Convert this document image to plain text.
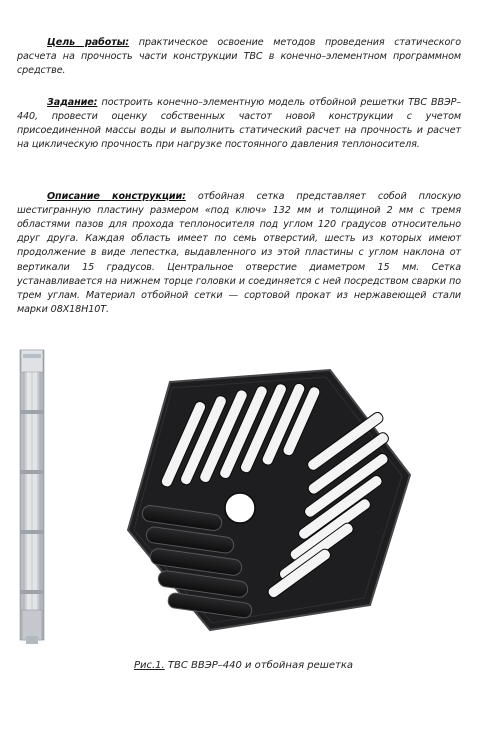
Цель работы: практическое освоение методов проведения статического расчета на прочность части конструкции ТВС в конечно–элементном программном средстве.

Задание: построить конечно–элементную модель отбойной решетки ТВС ВВЭР–440, провести оценку собственных частот новой конструкции с учетом присоединенной массы воды и выполнить статический расчет на прочность и расчет на циклическую прочность при нагрузке постоянного давления теплоносителя.

Описание конструкции: отбойная сетка представляет собой плоскую шестигранную пластину размером «под ключ» 132 мм и толщиной 2 мм с тремя областями пазов для прохода теплоносителя под углом 120 градусов относительно друг друга. Каждая область имеет по семь отверстий, шесть из которых имеют продолжение в виде лепестка, выдавленного из этой пластины с углом наклона от вертикали 15 градусов. Центральное отверстие диаметром 15 мм. Сетка устанавливается на нижнем торце головки и соединяется с ней посредством сварки по трем углам. Материал отбойной сетки — сортовой прокат из нержавеющей стали марки 08Х18Н10Т.

Рис.1. ТВС ВВЭР–440 и отбойная решетка
